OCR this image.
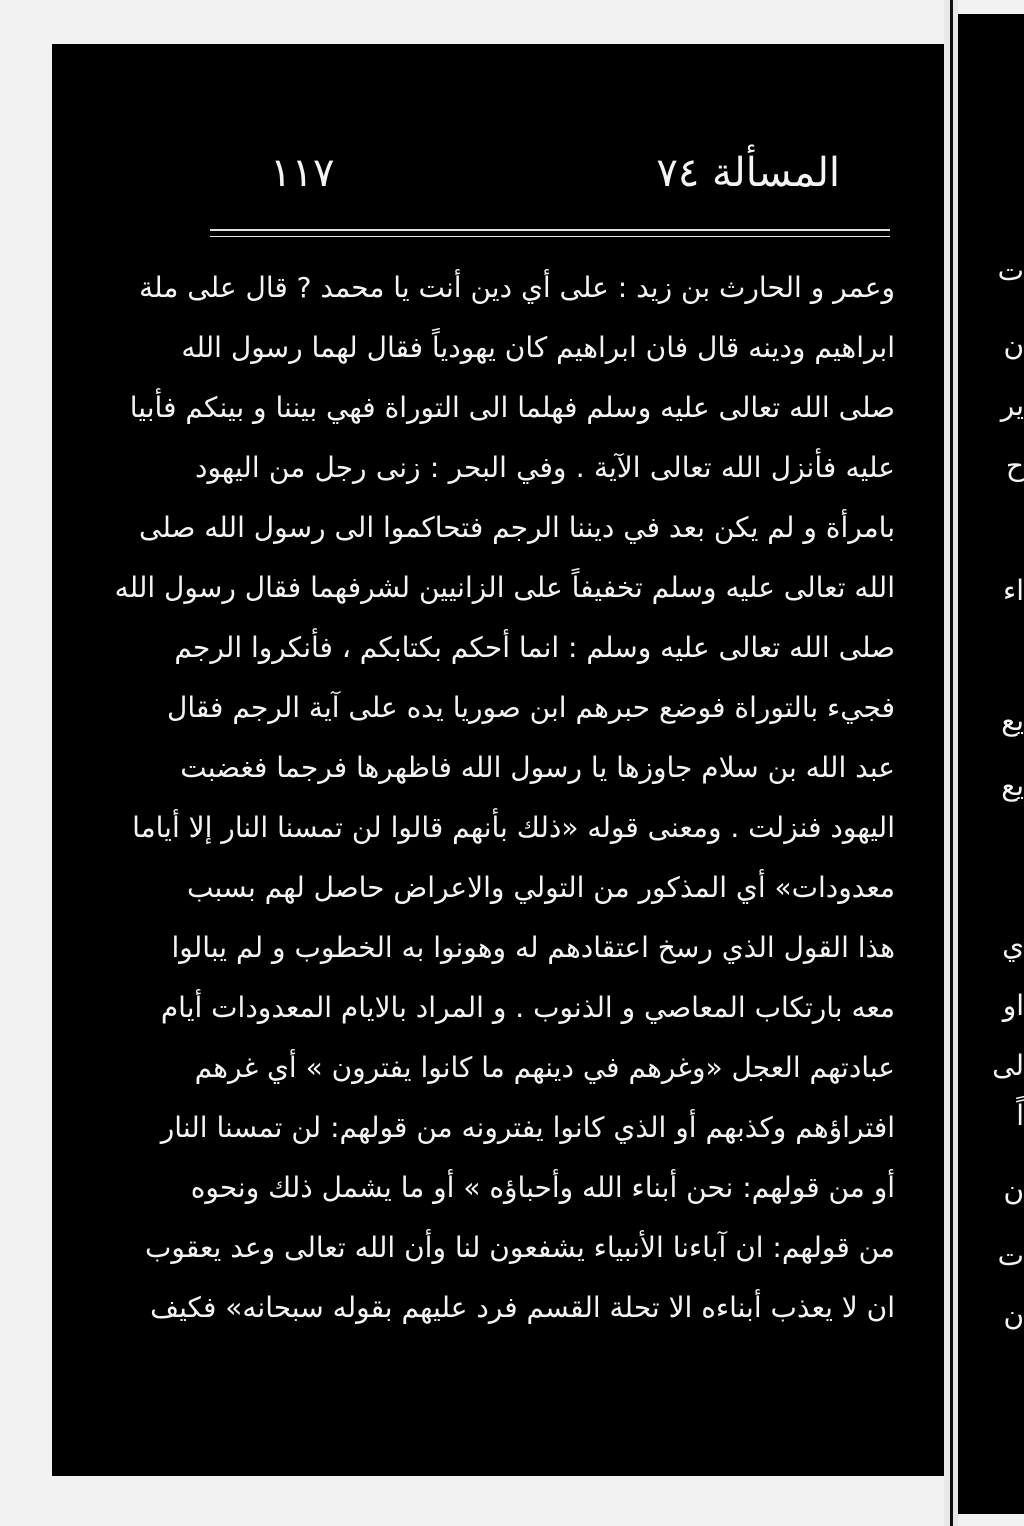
ت
ن
ير
ح
اء
يع
يع
ي
او
لى
اً
ن
ت
ن
١١٧	المسألة ٧٤
وعمر و الحارث بن زيد : على أي دين أنت يا محمد ? قال على ملة
ابراهيم ودينه قال فان ابراهيم كان يهودياً فقال لهما رسول الله
صلى الله تعالى عليه وسلم فهلما الى التوراة فهي بيننا و بينكم فأبيا
عليه فأنزل الله تعالى الآية . وفي البحر : زنى رجل من اليهود
بامرأة و لم يكن بعد في ديننا الرجم فتحاكموا الى رسول الله صلى
الله تعالى عليه وسلم تخفيفاً على الزانيين لشرفهما فقال رسول الله
صلى الله تعالى عليه وسلم : انما أحكم بكتابكم ، فأنكروا الرجم
فجيء بالتوراة فوضع حبرهم ابن صوريا يده على آية الرجم فقال
عبد الله بن سلام جاوزها يا رسول الله فاظهرها فرجما فغضبت
اليهود فنزلت . ومعنى قوله «ذلك بأنهم قالوا لن تمسنا النار إلا أياما
معدودات» أي المذكور من التولي والاعراض حاصل لهم بسبب
هذا القول الذي رسخ اعتقادهم له وهونوا به الخطوب و لم يبالوا
معه بارتكاب المعاصي و الذنوب . و المراد بالايام المعدودات أيام
عبادتهم العجل «وغرهم في دينهم ما كانوا يفترون » أي غرهم
افتراؤهم وكذبهم أو الذي كانوا يفترونه من قولهم: لن تمسنا النار
أو من قولهم: نحن أبناء الله وأحباؤه » أو ما يشمل ذلك ونحوه
من قولهم: ان آباءنا الأنبياء يشفعون لنا وأن الله تعالى وعد يعقوب
ان لا يعذب أبناءه الا تحلة القسم فرد عليهم بقوله سبحانه» فكيف
